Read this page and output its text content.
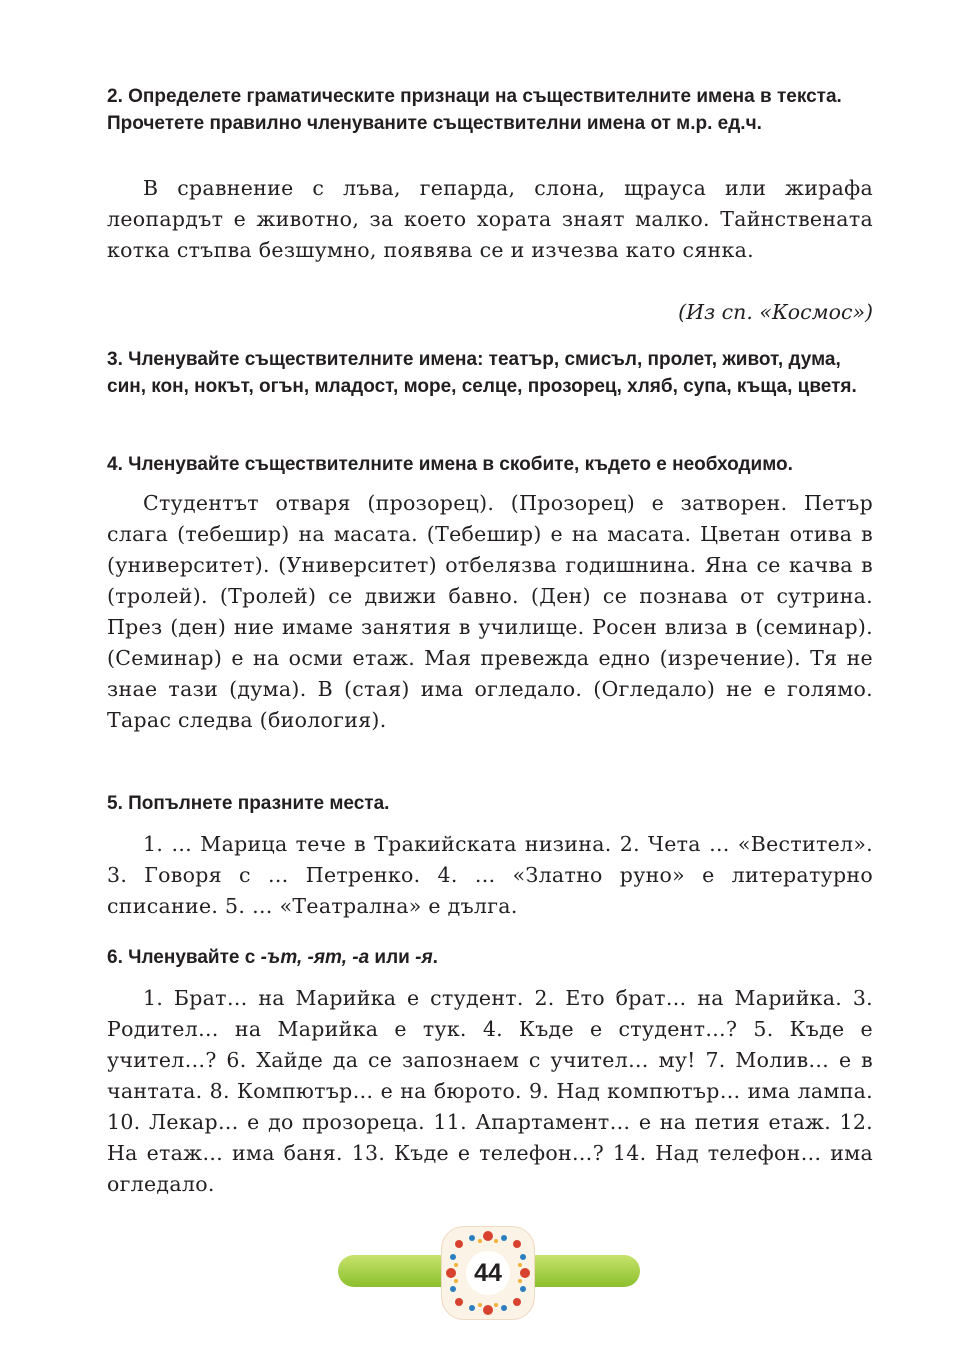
2. Определете граматическите признаци на съществителните имена в текста. Прочетете правилно членуваните съществителни имена от м.р. ед.ч.

В сравнение с лъва, гепарда, слона, щрауса или жирафа леопардът е животно, за което хората знаят малко. Тайнствената котка стъпва безшумно, появява се и изчезва като сянка.

(Из сп. «Космос»)

3. Членувайте съществителните имена: театър, смисъл, пролет, живот, дума, син, кон, нокът, огън, младост, море, селце, прозорец, хляб, супа, къща, цветя.

4. Членувайте съществителните имена в скобите, където е необходимо.

Студентът отваря (прозорец). (Прозорец) е затворен. Петър слага (тебешир) на масата. (Тебешир) е на масата. Цветан отива в (университет). (Университет) отбелязва годишнина. Яна се качва в (тролей). (Тролей) се движи бавно. (Ден) се познава от сутрина. През (ден) ние имаме занятия в училище. Росен влиза в (семинар). (Семинар) е на осми етаж. Мая превежда едно (изречение). Тя не знае тази (дума). В (стая) има огледало. (Огледало) не е голямо. Тарас следва (биология).

5. Попълнете празните места.

1. … Марица тече в Тракийската низина. 2. Чета … «Вестител». 3. Говоря с … Петренко. 4. … «Златно руно» е литературно списание. 5. … «Театрална» е дълга.

6. Членувайте с -ът, -ят, -а или -я.

1. Брат… на Марийка е студент. 2. Ето брат… на Марийка. 3. Родител… на Марийка е тук. 4. Къде е студент…? 5. Къде е учител…? 6. Хайде да се запознаем с учител… му! 7. Молив… е в чантата. 8. Компютър… е на бюрото. 9. Над компютър… има лампа. 10. Лекар… е до прозореца. 11. Апартамент… е на петия етаж. 12. На етаж… има баня. 13. Къде е телефон…? 14. Над телефон… има огледало.

44
